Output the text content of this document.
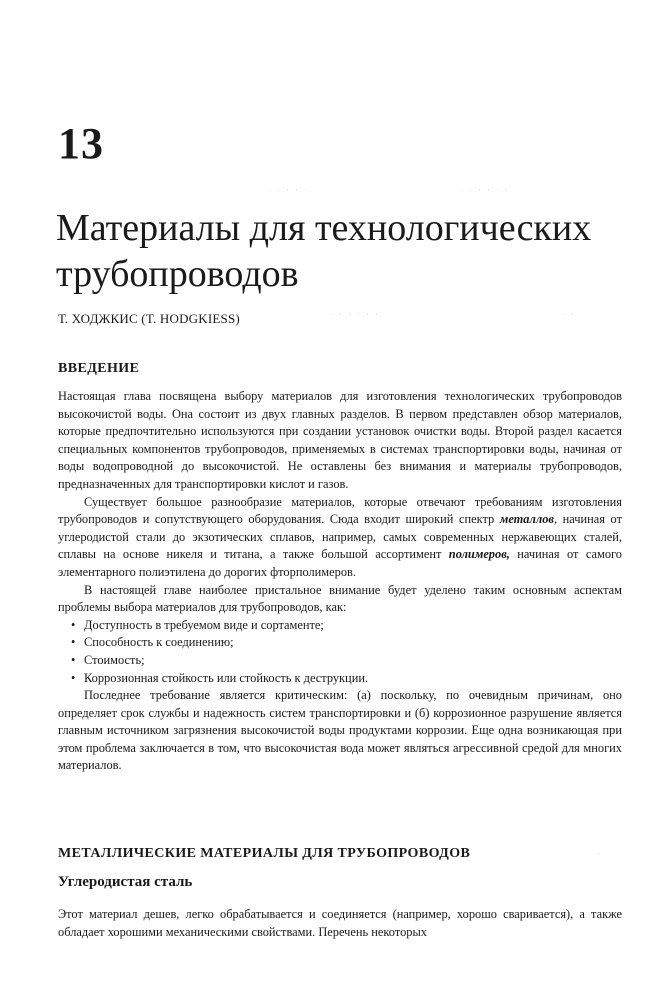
· · · · ·	· · · · · ·
· · · · · ·	· ·
·
13
Материалы для технологических трубопроводов
Т. ХОДЖКИС (T. HODGKIESS)
ВВЕДЕНИЕ

Настоящая глава посвящена выбору материалов для изготовления технологических трубопроводов высокочистой воды. Она состоит из двух главных разделов. В первом представлен обзор материалов, которые предпочтительно используются при создании установок очистки воды. Второй раздел касается специальных компонентов трубопроводов, применяемых в системах транспортировки воды, начиная от воды водопроводной до высокочистой. Не оставлены без внимания и материалы трубопроводов, предназначенных для транспортировки кислот и газов.

Существует большое разнообразие материалов, которые отвечают требованиям изготовления трубопроводов и сопутствующего оборудования. Сюда входит широкий спектр металлов, начиная от углеродистой стали до экзотических сплавов, например, самых современных нержавеющих сталей, сплавы на основе никеля и титана, а также большой ассортимент полимеров, начиная от самого элементарного полиэтилена до дорогих фторполимеров.

В настоящей главе наиболее пристальное внимание будет уделено таким основным аспектам проблемы выбора материалов для трубопроводов, как:

• Доступность в требуемом виде и сортаменте;
• Способность к соединению;
• Стоимость;
• Коррозионная стойкость или стойкость к деструкции.

Последнее требование является критическим: (а) поскольку, по очевидным причинам, оно определяет срок службы и надежность систем транспортировки и (б) коррозионное разрушение является главным источником загрязнения высокочистой воды продуктами коррозии. Еще одна возникающая при этом проблема заключается в том, что высокочистая вода может являться агрессивной средой для многих материалов.

МЕТАЛЛИЧЕСКИЕ МАТЕРИАЛЫ ДЛЯ ТРУБОПРОВОДОВ
Углеродистая сталь

Этот материал дешев, легко обрабатывается и соединяется (например, хорошо сваривается), а также обладает хорошими механическими свойствами. Перечень некоторых
